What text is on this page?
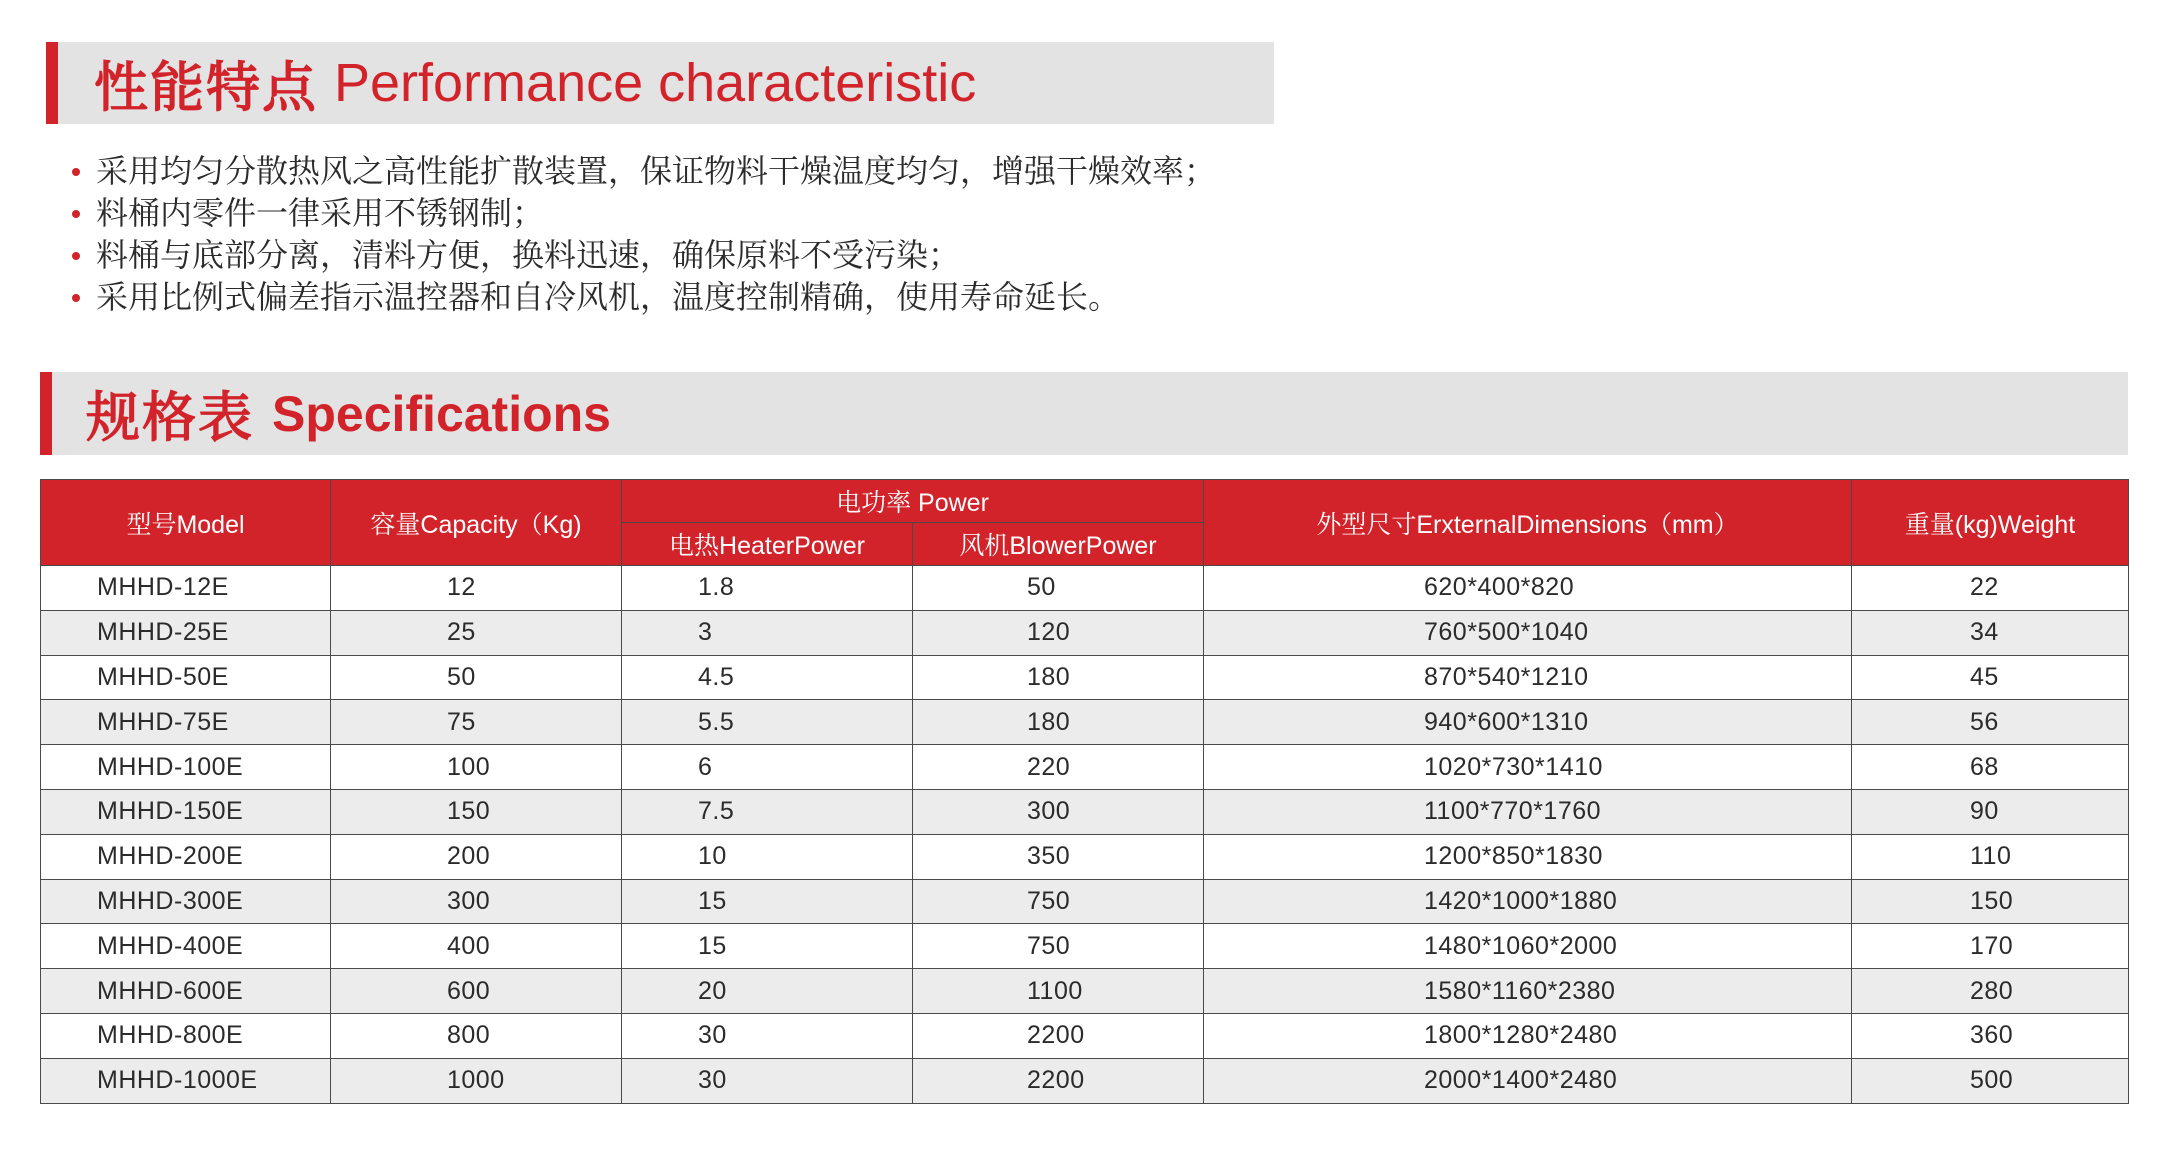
性能特点 Performance characteristic
采用均匀分散热风之高性能扩散装置，保证物料干燥温度均匀，增强干燥效率；
料桶内零件一律采用不锈钢制；
料桶与底部分离，清料方便，换料迅速，确保原料不受污染；
采用比例式偏差指示温控器和自冷风机，温度控制精确，使用寿命延长。
规格表 Specifications
型号Model	容量Capacity（Kg)	电功率 Power		外型尺寸ErxternalDimensions（mm）	重量(kg)Weight
		电热HeaterPower	风机BlowerPower		
MHHD-12E	12	1.8	50	620*400*820	22
MHHD-25E	25	3	120	760*500*1040	34
MHHD-50E	50	4.5	180	870*540*1210	45
MHHD-75E	75	5.5	180	940*600*1310	56
MHHD-100E	100	6	220	1020*730*1410	68
MHHD-150E	150	7.5	300	1100*770*1760	90
MHHD-200E	200	10	350	1200*850*1830	110
MHHD-300E	300	15	750	1420*1000*1880	150
MHHD-400E	400	15	750	1480*1060*2000	170
MHHD-600E	600	20	1100	1580*1160*2380	280
MHHD-800E	800	30	2200	1800*1280*2480	360
MHHD-1000E	1000	30	2200	2000*1400*2480	500
